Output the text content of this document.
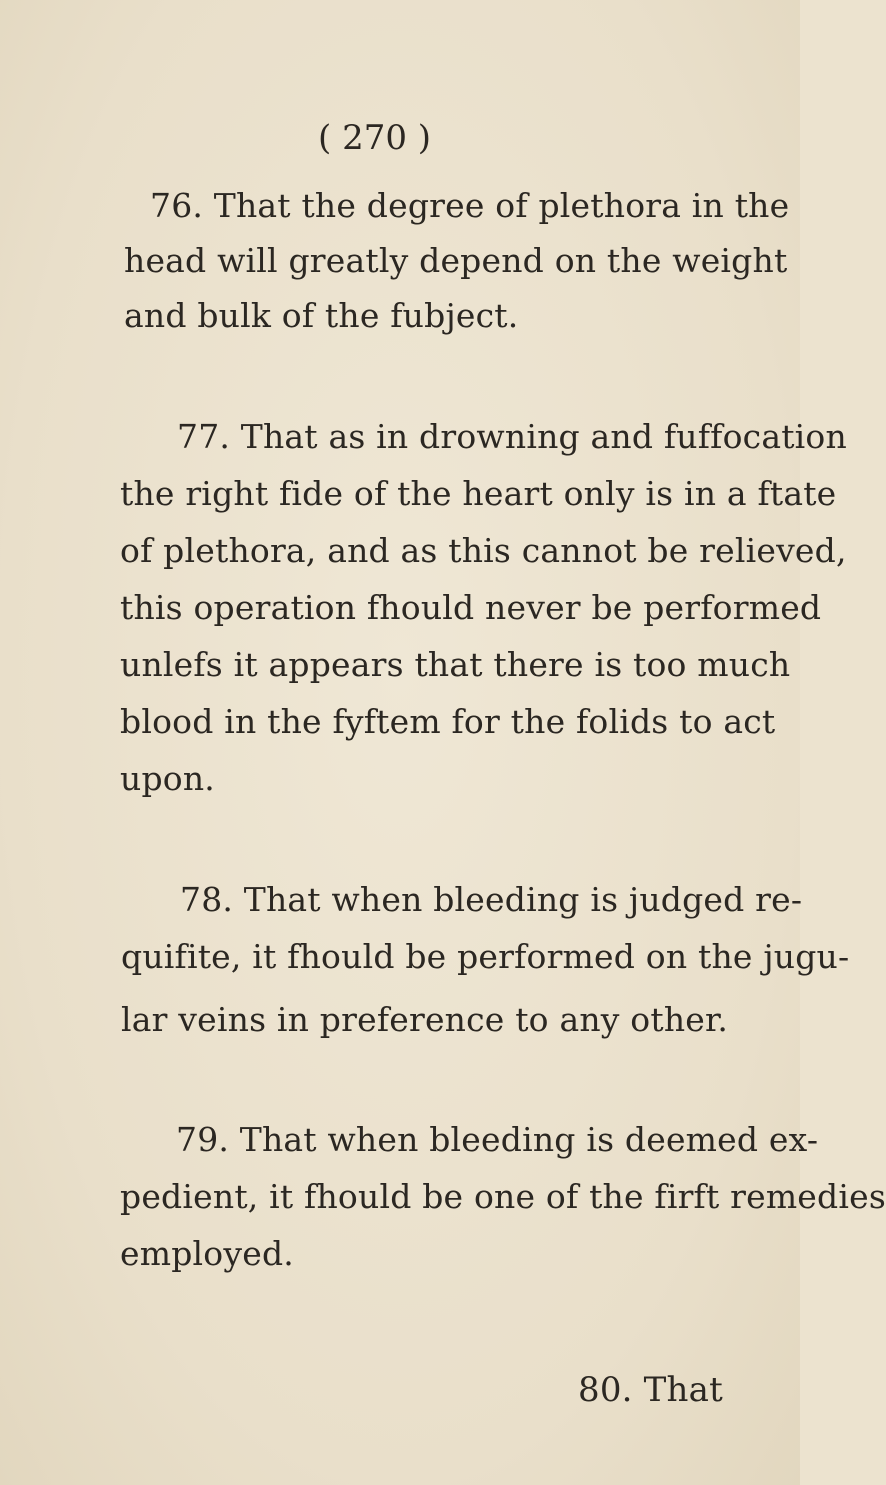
( 270 )
76. That the degree of plethora in the
head will greatly depend on the weight
and bulk of the fubject.
77. That as in drowning and fuffocation
the right fide of the heart only is in a ftate
of plethora, and as this cannot be relieved,
this operation fhould never be performed
unlefs it appears that there is too much
blood in the fyftem for the folids to act
upon.
78. That when bleeding is judged re-
quifite, it fhould be performed on the jugu-
lar veins in preference to any other.
79. That when bleeding is deemed ex-
pedient, it fhould be one of the firft remedies
employed.
80. That
